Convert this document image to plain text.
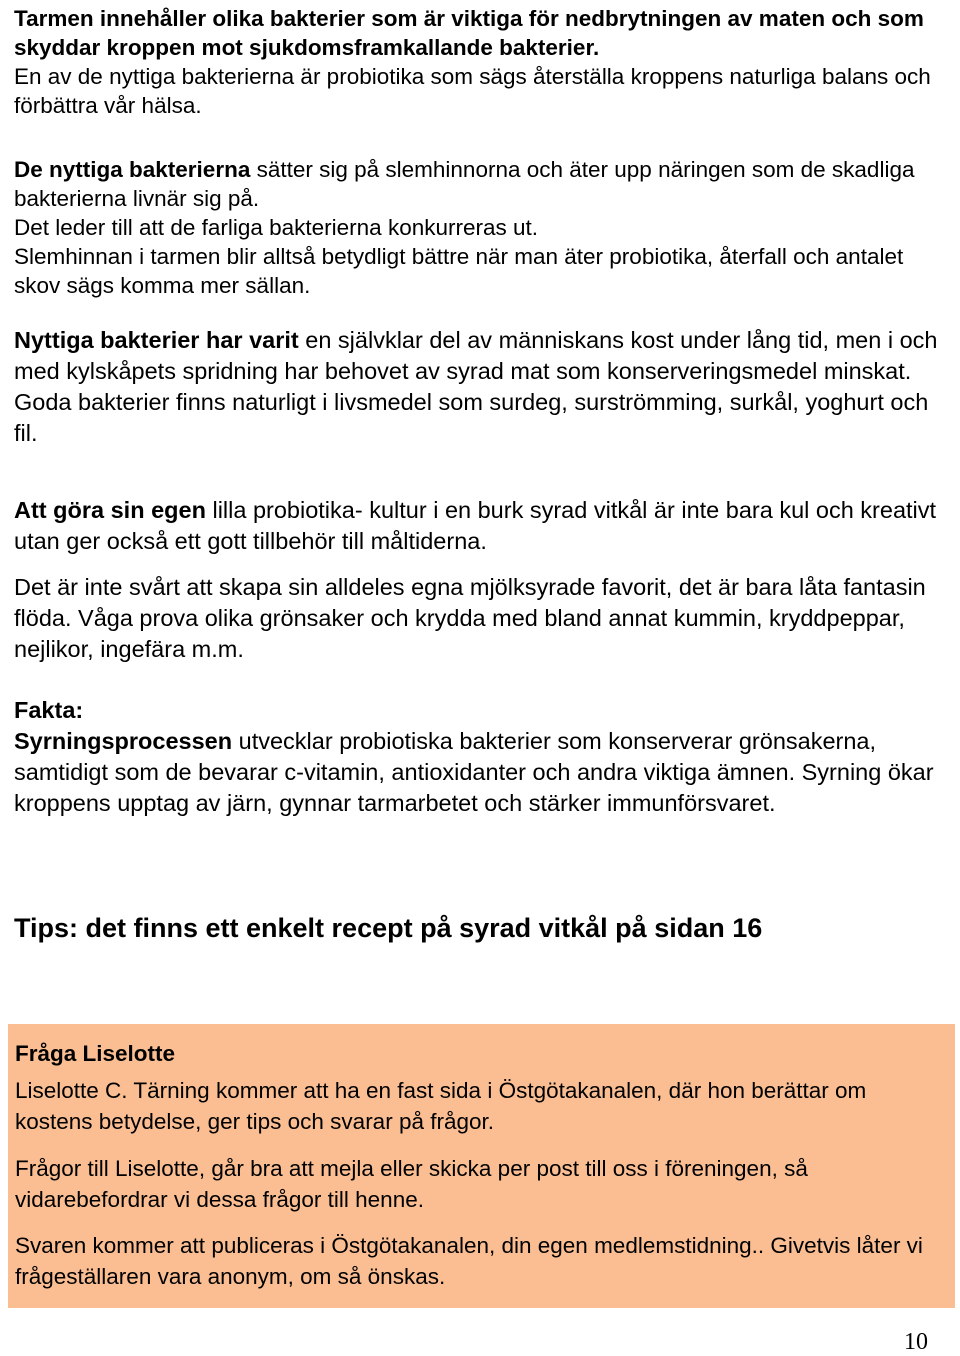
Tarmen innehåller olika bakterier som är viktiga för nedbrytningen av maten och som skyddar kroppen mot sjukdomsframkallande bakterier.
En av de nyttiga bakterierna är probiotika som sägs återställa kroppens naturliga balans och förbättra vår hälsa.
De nyttiga bakterierna sätter sig på slemhinnorna och äter upp näringen som de skadliga bakterierna livnär sig på.
Det leder till att de farliga bakterierna konkurreras ut.
Slemhinnan i tarmen blir alltså betydligt bättre när man äter probiotika, återfall och antalet skov sägs komma mer sällan.
Nyttiga bakterier har varit en självklar del av människans kost under lång tid, men i och med kylskåpets spridning har behovet av syrad mat som konserveringsmedel minskat.
Goda bakterier finns naturligt i livsmedel som surdeg, surströmming, surkål, yoghurt och fil.
Att göra sin egen lilla probiotika- kultur i en burk syrad vitkål är inte bara kul och kreativt utan ger också ett gott tillbehör till måltiderna.
Det är inte svårt att skapa sin alldeles egna mjölksyrade favorit, det är bara låta fantasin flöda. Våga prova olika grönsaker och krydda med bland annat kummin, kryddpeppar, nejlikor, ingefära m.m.
Fakta:
Syrningsprocessen utvecklar probiotiska bakterier som konserverar grönsakerna, samtidigt som de bevarar c-vitamin, antioxidanter och andra viktiga ämnen. Syrning ökar kroppens upptag av järn, gynnar tarmarbetet och stärker immunförsvaret.
Tips: det finns ett enkelt recept på syrad vitkål på sidan 16
Fråga Liselotte
Liselotte C. Tärning kommer att ha en fast sida i Östgötakanalen, där hon berättar om kostens betydelse, ger tips och svarar på frågor.
Frågor till Liselotte, går bra att mejla eller skicka per post till oss i föreningen, så vidarebefordrar vi dessa frågor till henne.
Svaren kommer att publiceras i Östgötakanalen, din egen medlemstidning.. Givetvis låter vi frågeställaren vara anonym, om så önskas.
10
